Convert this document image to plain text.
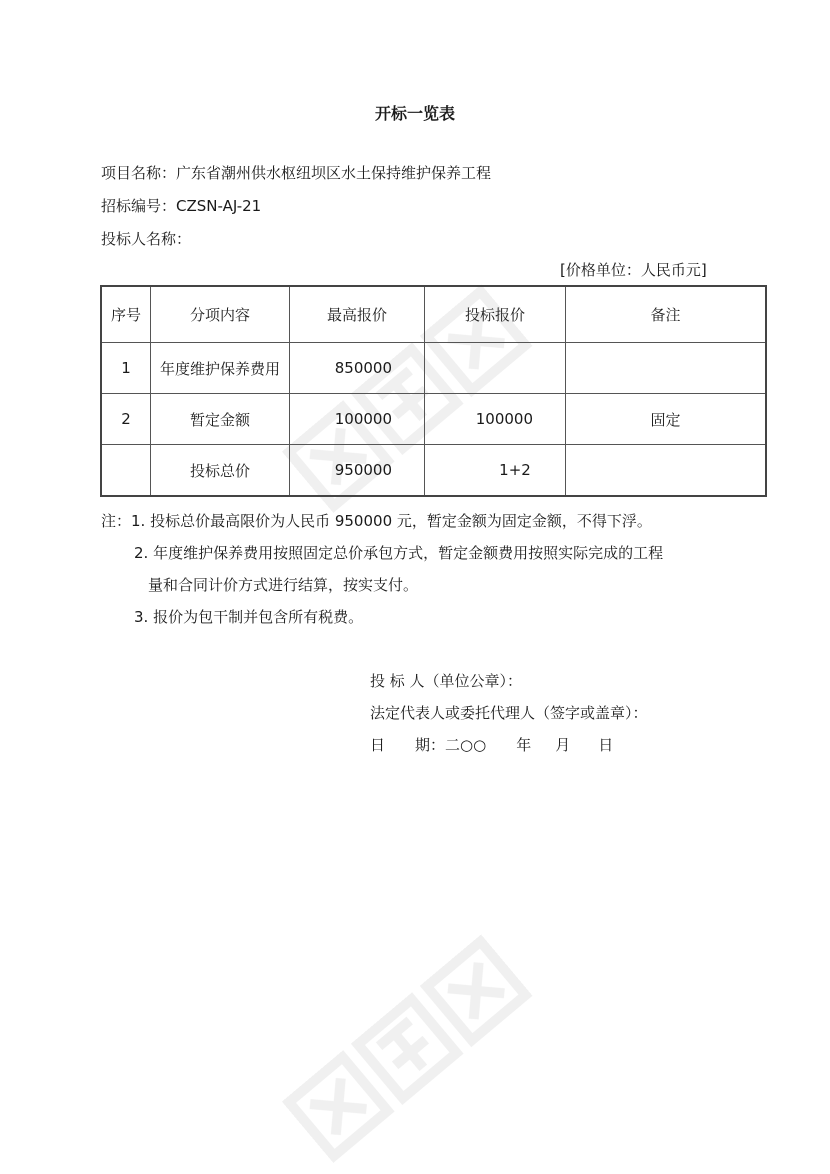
开标一览表
项目名称：广东省潮州供水枢纽坝区水土保持维护保养工程
招标编号：CZSN-AJ-21
投标人名称：
[价格单位：人民币元]
序号	分项内容	最高报价	投标报价	备注
1	年度维护保养费用	850000		
2	暂定金额	100000	100000	固定
	投标总价	950000	1+2	
注：1. 投标总价最高限价为人民币 950000 元，暂定金额为固定金额，不得下浮。
2. 年度维护保养费用按照固定总价承包方式，暂定金额费用按照实际完成的工程
量和合同计价方式进行结算，按实支付。
3. 报价为包干制并包含所有税费。
投 标 人（单位公章）：
法定代表人或委托代理人（签字或盖章）：
日　　期：二○○　　年 月 日
